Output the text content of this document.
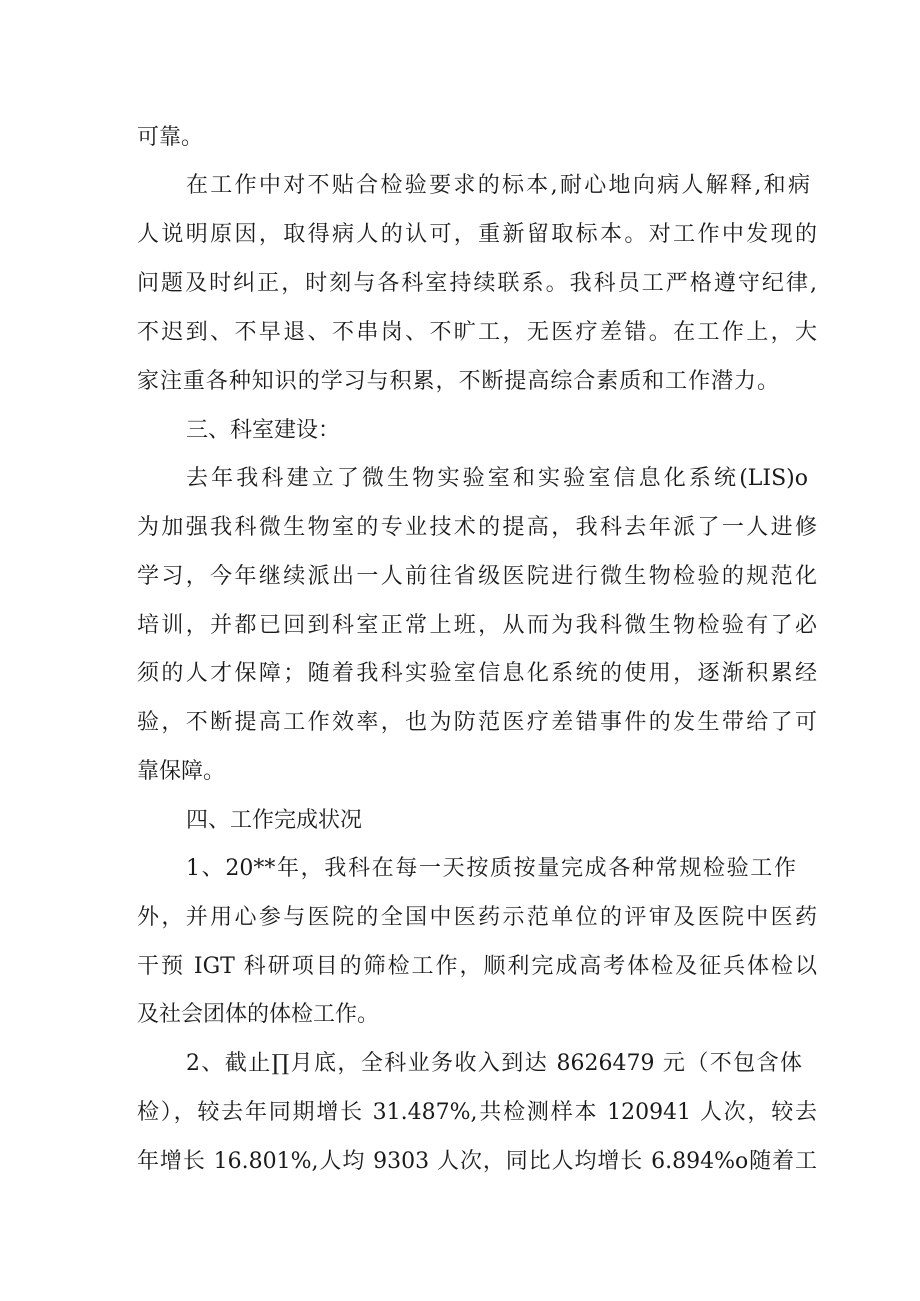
可靠。
在工作中对不贴合检验要求的标本,耐心地向病人解释,和病
人说明原因，取得病人的认可，重新留取标本。对工作中发现的
问题及时纠正，时刻与各科室持续联系。我科员工严格遵守纪律,
不迟到、不早退、不串岗、不旷工，无医疗差错。在工作上，大
家注重各种知识的学习与积累，不断提高综合素质和工作潜力。
三、科室建设：
去年我科建立了微生物实验室和实验室信息化系统(LIS)o
为加强我科微生物室的专业技术的提高，我科去年派了一人进修
学习，今年继续派出一人前往省级医院进行微生物检验的规范化
培训，并都已回到科室正常上班，从而为我科微生物检验有了必
须的人才保障；随着我科实验室信息化系统的使用，逐渐积累经
验，不断提高工作效率，也为防范医疗差错事件的发生带给了可
靠保障。
四、工作完成状况
1、20**年，我科在每一天按质按量完成各种常规检验工作
外，并用心参与医院的全国中医药示范单位的评审及医院中医药
干预 IGT 科研项目的筛检工作，顺利完成高考体检及征兵体检以
及社会团体的体检工作。
2、截止∏月底，全科业务收入到达 8626479 元（不包含体
检），较去年同期增长 31.487%,共检测样本 120941 人次，较去
年增长 16.801%,人均 9303 人次，同比人均增长 6.894%o随着工
